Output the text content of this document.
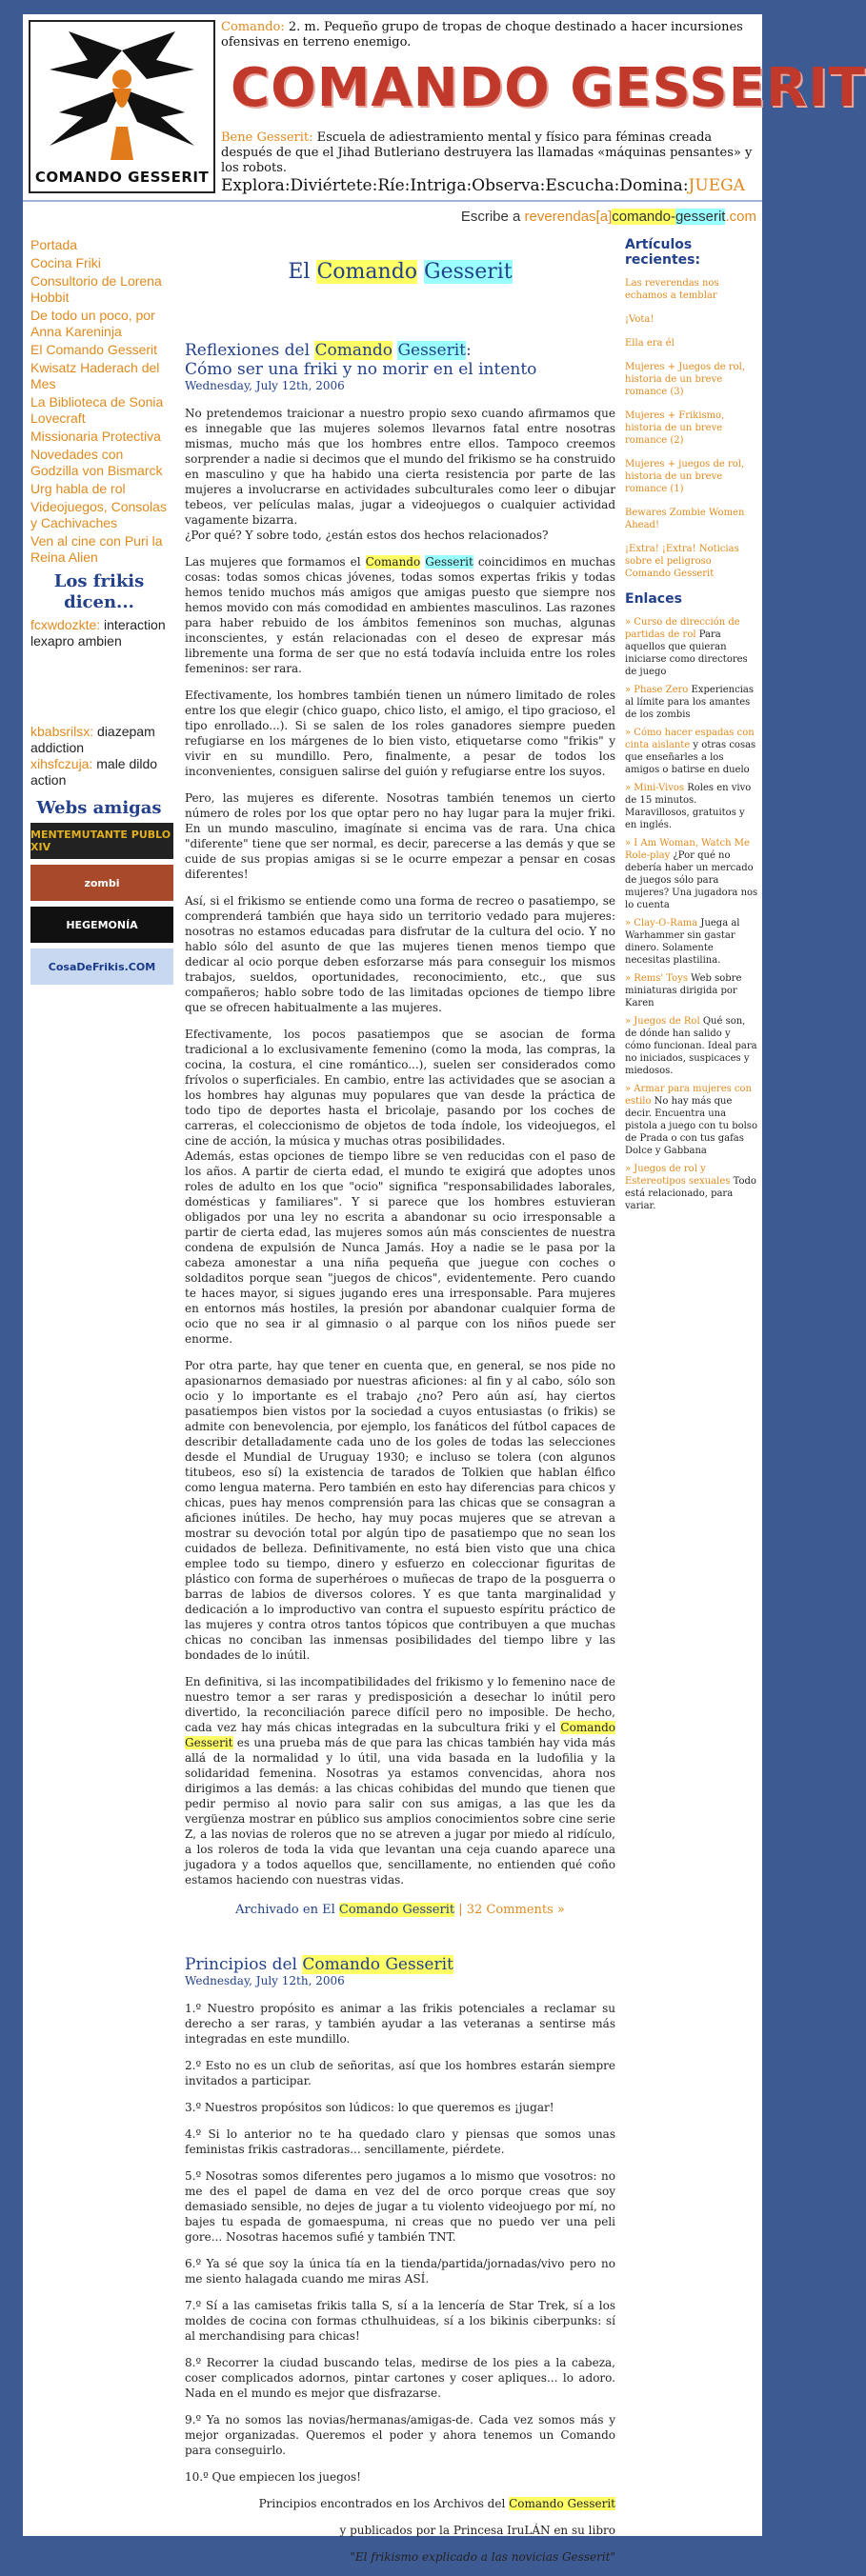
COMANDO GESSERIT
Comando: 2. m. Pequeño grupo de tropas de choque destinado a hacer incursiones ofensivas en terreno enemigo.
COMANDO GESSERIT
Bene Gesserit: Escuela de adiestramiento mental y físico para féminas creada después de que el Jihad Butleriano destruyera las llamadas «máquinas pensantes» y los robots.
Explora:Diviértete:Ríe:Intriga:Observa:Escucha:Domina:JUEGA
Escribe a reverendas[a]comando-gesserit.com
Portada
Cocina Friki
Consultorio de Lorena Hobbit
De todo un poco, por Anna Kareninja
El Comando Gesserit
Kwisatz Haderach del Mes
La Biblioteca de Sonia Lovecraft
Missionaria Protectiva
Novedades con Godzilla von Bismarck
Urg habla de rol
Videojuegos, Consolas y Cachivaches
Ven al cine con Puri la Reina Alien
Los frikis dicen...
fcxwdozkte: interaction lexapro ambien
kbabsrilsx: diazepam addiction
xihsfczuja: male dildo action
Webs amigas
MENTEMUTANTE PUBLO XIV
zombi
HEGEMONÍA
CosaDeFrikis.COM
El Comando Gesserit
Reflexiones del Comando Gesserit:
Cómo ser una friki y no morir en el intento
Wednesday, July 12th, 2006

No pretendemos traicionar a nuestro propio sexo cuando afirmamos que es innegable que las mujeres solemos llevarnos fatal entre nosotras mismas, mucho más que los hombres entre ellos. Tampoco creemos sorprender a nadie si decimos que el mundo del frikismo se ha construido en masculino y que ha habido una cierta resistencia por parte de las mujeres a involucrarse en actividades subculturales como leer o dibujar tebeos, ver películas malas, jugar a videojuegos o cualquier actividad vagamente bizarra.
¿Por qué? Y sobre todo, ¿están estos dos hechos relacionados?

Las mujeres que formamos el Comando Gesserit coincidimos en muchas cosas: todas somos chicas jóvenes, todas somos expertas frikis y todas hemos tenido muchos más amigos que amigas puesto que siempre nos hemos movido con más comodidad en ambientes masculinos. Las razones para haber rebuido de los ámbitos femeninos son muchas, algunas inconscientes, y están relacionadas con el deseo de expresar más libremente una forma de ser que no está todavía incluida entre los roles femeninos: ser rara.

Efectivamente, los hombres también tienen un número limitado de roles entre los que elegir (chico guapo, chico listo, el amigo, el tipo gracioso, el tipo enrollado...). Si se salen de los roles ganadores siempre pueden refugiarse en los márgenes de lo bien visto, etiquetarse como "frikis" y vivir en su mundillo. Pero, finalmente, a pesar de todos los inconvenientes, consiguen salirse del guión y refugiarse entre los suyos.

Pero, las mujeres es diferente. Nosotras también tenemos un cierto número de roles por los que optar pero no hay lugar para la mujer friki. En un mundo masculino, imagínate si encima vas de rara. Una chica "diferente" tiene que ser normal, es decir, parecerse a las demás y que se cuide de sus propias amigas si se le ocurre empezar a pensar en cosas diferentes!

Así, si el frikismo se entiende como una forma de recreo o pasatiempo, se comprenderá también que haya sido un territorio vedado para mujeres: nosotras no estamos educadas para disfrutar de la cultura del ocio. Y no hablo sólo del asunto de que las mujeres tienen menos tiempo que dedicar al ocio porque deben esforzarse más para conseguir los mismos trabajos, sueldos, oportunidades, reconocimiento, etc., que sus compañeros; hablo sobre todo de las limitadas opciones de tiempo libre que se ofrecen habitualmente a las mujeres.

Efectivamente, los pocos pasatiempos que se asocian de forma tradicional a lo exclusivamente femenino (como la moda, las compras, la cocina, la costura, el cine romántico...), suelen ser considerados como frívolos o superficiales. En cambio, entre las actividades que se asocian a los hombres hay algunas muy populares que van desde la práctica de todo tipo de deportes hasta el bricolaje, pasando por los coches de carreras, el coleccionismo de objetos de toda índole, los videojuegos, el cine de acción, la música y muchas otras posibilidades.

Además, estas opciones de tiempo libre se ven reducidas con el paso de los años. A partir de cierta edad, el mundo te exigirá que adoptes unos roles de adulto en los que "ocio" significa "responsabilidades laborales, domésticas y familiares". Y si parece que los hombres estuvieran obligados por una ley no escrita a abandonar su ocio irresponsable a partir de cierta edad, las mujeres somos aún más conscientes de nuestra condena de expulsión de Nunca Jamás. Hoy a nadie se le pasa por la cabeza amonestar a una niña pequeña que juegue con coches o soldaditos porque sean "juegos de chicos", evidentemente. Pero cuando te haces mayor, si sigues jugando eres una irresponsable. Para mujeres en entornos más hostiles, la presión por abandonar cualquier forma de ocio que no sea ir al gimnasio o al parque con los niños puede ser enorme.

Por otra parte, hay que tener en cuenta que, en general, se nos pide no apasionarnos demasiado por nuestras aficiones: al fin y al cabo, sólo son ocio y lo importante es el trabajo ¿no? Pero aún así, hay ciertos pasatiempos bien vistos por la sociedad a cuyos entusiastas (o frikis) se admite con benevolencia, por ejemplo, los fanáticos del fútbol capaces de describir detalladamente cada uno de los goles de todas las selecciones desde el Mundial de Uruguay 1930; e incluso se tolera (con algunos titubeos, eso sí) la existencia de tarados de Tolkien que hablan élfico como lengua materna. Pero también en esto hay diferencias para chicos y chicas, pues hay menos comprensión para las chicas que se consagran a aficiones inútiles. De hecho, hay muy pocas mujeres que se atrevan a mostrar su devoción total por algún tipo de pasatiempo que no sean los cuidados de belleza. Definitivamente, no está bien visto que una chica emplee todo su tiempo, dinero y esfuerzo en coleccionar figuritas de plástico con forma de superhéroes o muñecas de trapo de la posguerra o barras de labios de diversos colores. Y es que tanta marginalidad y dedicación a lo improductivo van contra el supuesto espíritu práctico de las mujeres y contra otros tantos tópicos que contribuyen a que muchas chicas no conciban las inmensas posibilidades del tiempo libre y las bondades de lo inútil.

En definitiva, si las incompatibilidades del frikismo y lo femenino nace de nuestro temor a ser raras y predisposición a desechar lo inútil pero divertido, la reconciliación parece difícil pero no imposible. De hecho, cada vez hay más chicas integradas en la subcultura friki y el Comando Gesserit es una prueba más de que para las chicas también hay vida más allá de la normalidad y lo útil, una vida basada en la ludofilia y la solidaridad femenina. Nosotras ya estamos convencidas, ahora nos dirigimos a las demás: a las chicas cohibidas del mundo que tienen que pedir permiso al novio para salir con sus amigas, a las que les da vergüenza mostrar en público sus amplios conocimientos sobre cine serie Z, a las novias de roleros que no se atreven a jugar por miedo al ridículo, a los roleros de toda la vida que levantan una ceja cuando aparece una jugadora y a todos aquellos que, sencillamente, no entienden qué coño estamos haciendo con nuestras vidas.

Archivado en El Comando Gesserit | 32 Comments »
Principios del Comando Gesserit
Wednesday, July 12th, 2006

1.º Nuestro propósito es animar a las frikis potenciales a reclamar su derecho a ser raras, y también ayudar a las veteranas a sentirse más integradas en este mundillo.

2.º Esto no es un club de señoritas, así que los hombres estarán siempre invitados a participar.

3.º Nuestros propósitos son lúdicos: lo que queremos es ¡jugar!

4.º Si lo anterior no te ha quedado claro y piensas que somos unas feministas frikis castradoras... sencillamente, piérdete.

5.º Nosotras somos diferentes pero jugamos a lo mismo que vosotros: no me des el papel de dama en vez del de orco porque creas que soy demasiado sensible, no dejes de jugar a tu violento videojuego por mí, no bajes tu espada de gomaespuma, ni creas que no puedo ver una peli gore... Nosotras hacemos sufié y también TNT.

6.º Ya sé que soy la única tía en la tienda/partida/jornadas/vivo pero no me siento halagada cuando me miras ASÍ.

7.º Sí a las camisetas frikis talla S, sí a la lencería de Star Trek, sí a los moldes de cocina con formas cthulhuideas, sí a los bikinis ciberpunks: sí al merchandising para chicas!

8.º Recorrer la ciudad buscando telas, medirse de los pies a la cabeza, coser complicados adornos, pintar cartones y coser apliques... lo adoro. Nada en el mundo es mejor que disfrazarse.

9.º Ya no somos las novias/hermanas/amigas-de. Cada vez somos más y mejor organizadas. Queremos el poder y ahora tenemos un Comando para conseguirlo.

10.º Que empiecen los juegos!

Principios encontrados en los Archivos del Comando Gesserit

y publicados por la Princesa IruLÁN en su libro

"El frikismo explicado a las novicias Gesserit"

Artículos recientes:
Las reverendas nos echamos a temblar
¡Vota!
Ella era él
Mujeres + Juegos de rol, historia de un breve romance (3)
Mujeres + Frikismo, historia de un breve romance (2)
Mujeres + juegos de rol, historia de un breve romance (1)
Bewares Zombie Women Ahead!
¡Extra! ¡Extra! Noticias sobre el peligroso Comando Gesserit
Enlaces
» Curso de dirección de partidas de rol Para aquellos que quieran iniciarse como directores de juego
» Phase Zero Experiencias al límite para los amantes de los zombis
» Cómo hacer espadas con cinta aislante y otras cosas que enseñarles a los amigos o batirse en duelo
» Mini-Vivos Roles en vivo de 15 minutos. Maravillosos, gratuitos y en inglés.
» I Am Woman, Watch Me Role-play ¿Por qué no debería haber un mercado de juegos sólo para mujeres? Una jugadora nos lo cuenta
» Clay-O-Rama Juega al Warhammer sin gastar dinero. Solamente necesitas plastilina.
» Rems' Toys Web sobre miniaturas dirigida por Karen
» Juegos de Rol Qué son, de dónde han salido y cómo funcionan. Ideal para no iniciados, suspicaces y miedosos.
» Armar para mujeres con estilo No hay más que decir. Encuentra una pistola a juego con tu bolso de Prada o con tus gafas Dolce y Gabbana
» Juegos de rol y Estereotipos sexuales Todo está relacionado, para variar.
